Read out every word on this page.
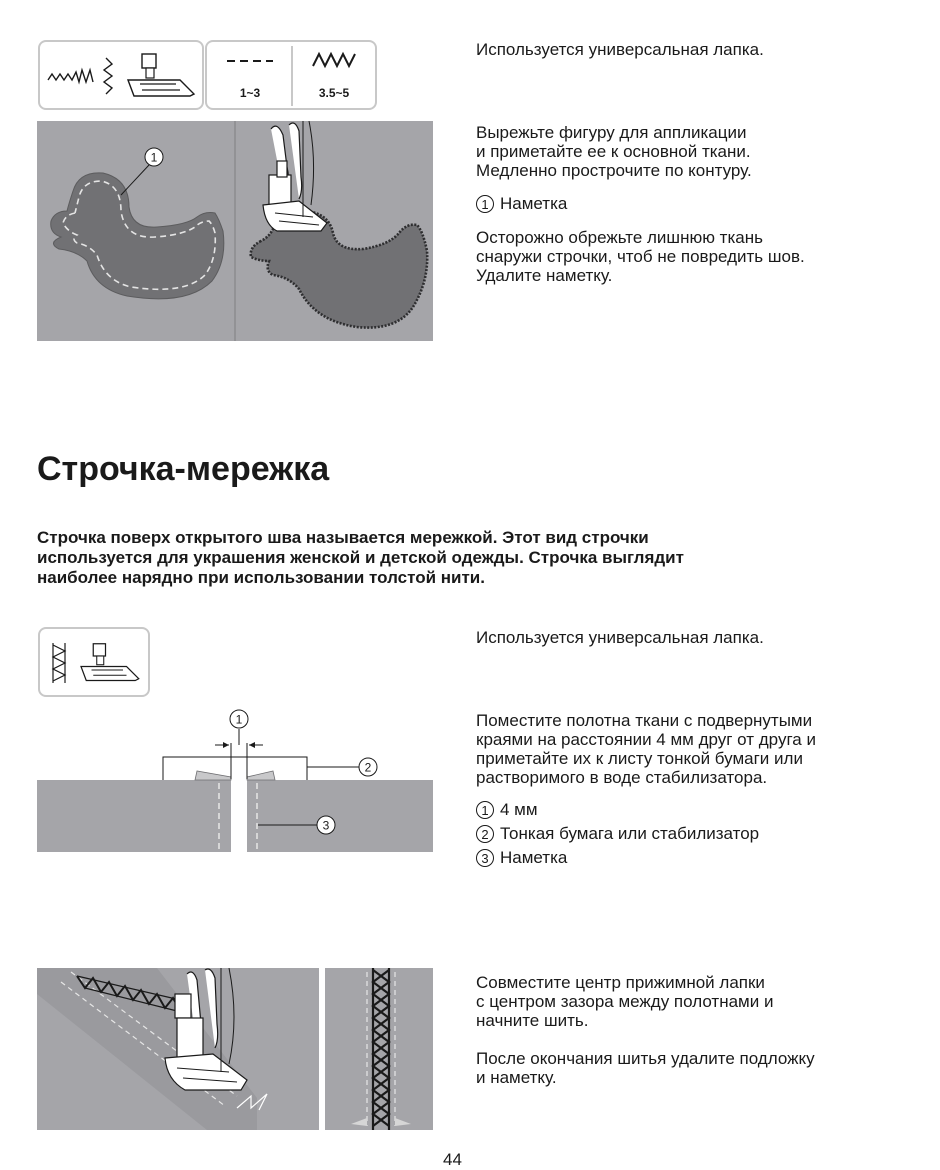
1~3	3.5~5
1
Используется универсальная лапка.

Вырежьте фигуру для аппликации

и приметайте ее к основной ткани.

Медленно прострочите по контуру.

1 Наметка

Осторожно обрежьте лишнюю ткань

снаружи строчки, чтоб не повредить шов.

Удалите наметку.

Строчка-мережка

Строчка поверх открытого шва называется мережкой. Этот вид строчки

используется для украшения женской и детской одежды. Строчка выглядит

наиболее нарядно при использовании толстой нити.

1
2
3
Используется универсальная лапка.

Поместите полотна ткани с подвернутыми

краями на расстоянии 4 мм друг от друга и

приметайте их к листу тонкой бумаги или

растворимого в воде стабилизатора.

1 4 мм
2 Тонкая бумага или стабилизатор
3 Наметка

Совместите центр прижимной лапки

с центром зазора между полотнами и

начните шить.

После окончания шитья удалите подложку

и наметку.

44
